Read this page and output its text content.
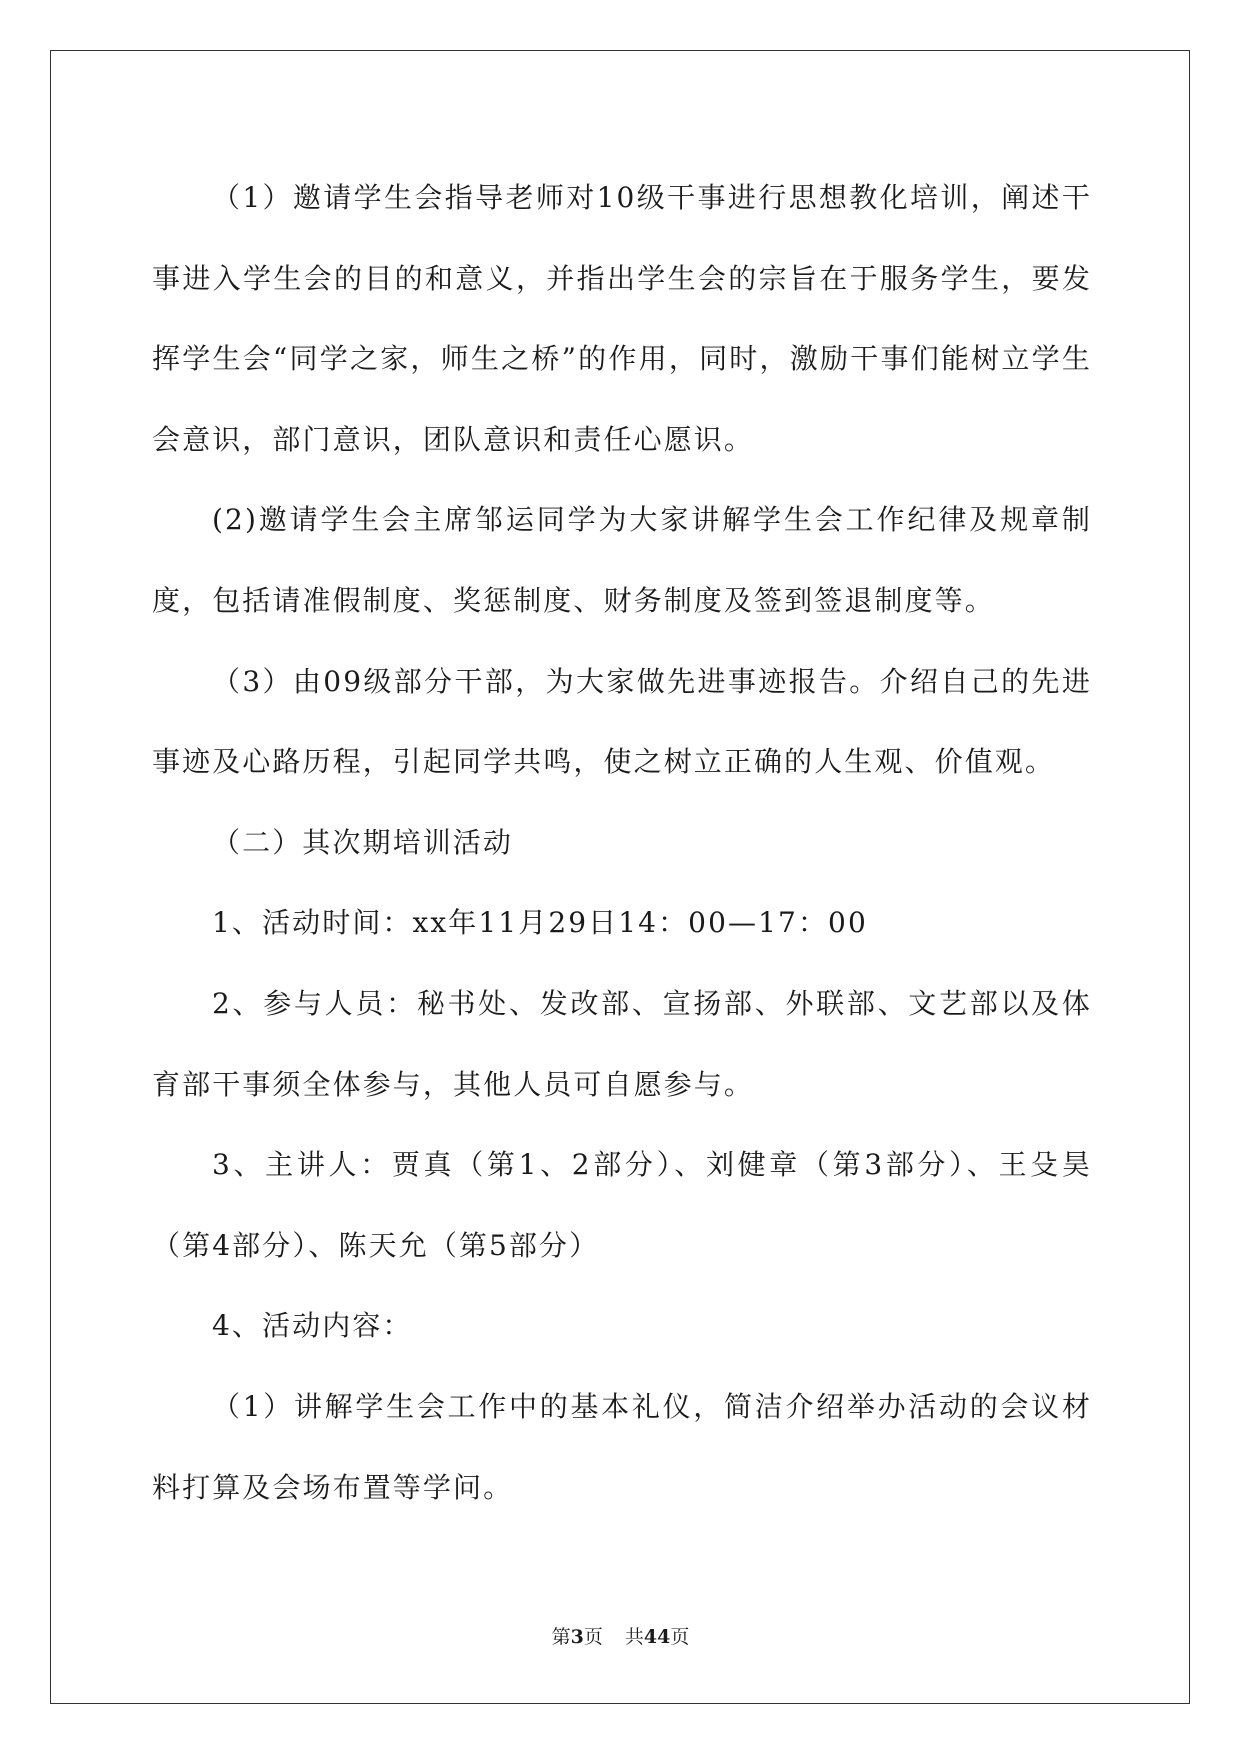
（1）邀请学生会指导老师对10级干事进行思想教化培训，阐述干事进入学生会的目的和意义，并指出学生会的宗旨在于服务学生，要发挥学生会“同学之家，师生之桥”的作用，同时，激励干事们能树立学生会意识，部门意识，团队意识和责任心愿识。

(2)邀请学生会主席邹运同学为大家讲解学生会工作纪律及规章制度，包括请准假制度、奖惩制度、财务制度及签到签退制度等。

（3）由09级部分干部，为大家做先进事迹报告。介绍自己的先进事迹及心路历程，引起同学共鸣，使之树立正确的人生观、价值观。

（二）其次期培训活动

1、活动时间：xx年11月29日14：00—17：00

2、参与人员：秘书处、发改部、宣扬部、外联部、文艺部以及体育部干事须全体参与，其他人员可自愿参与。

3、主讲人：贾真（第1、2部分）、刘健章（第3部分）、王殳昊（第4部分）、陈天允（第5部分）

4、活动内容：

（1）讲解学生会工作中的基本礼仪，简洁介绍举办活动的会议材料打算及会场布置等学问。

第3页 共44页
